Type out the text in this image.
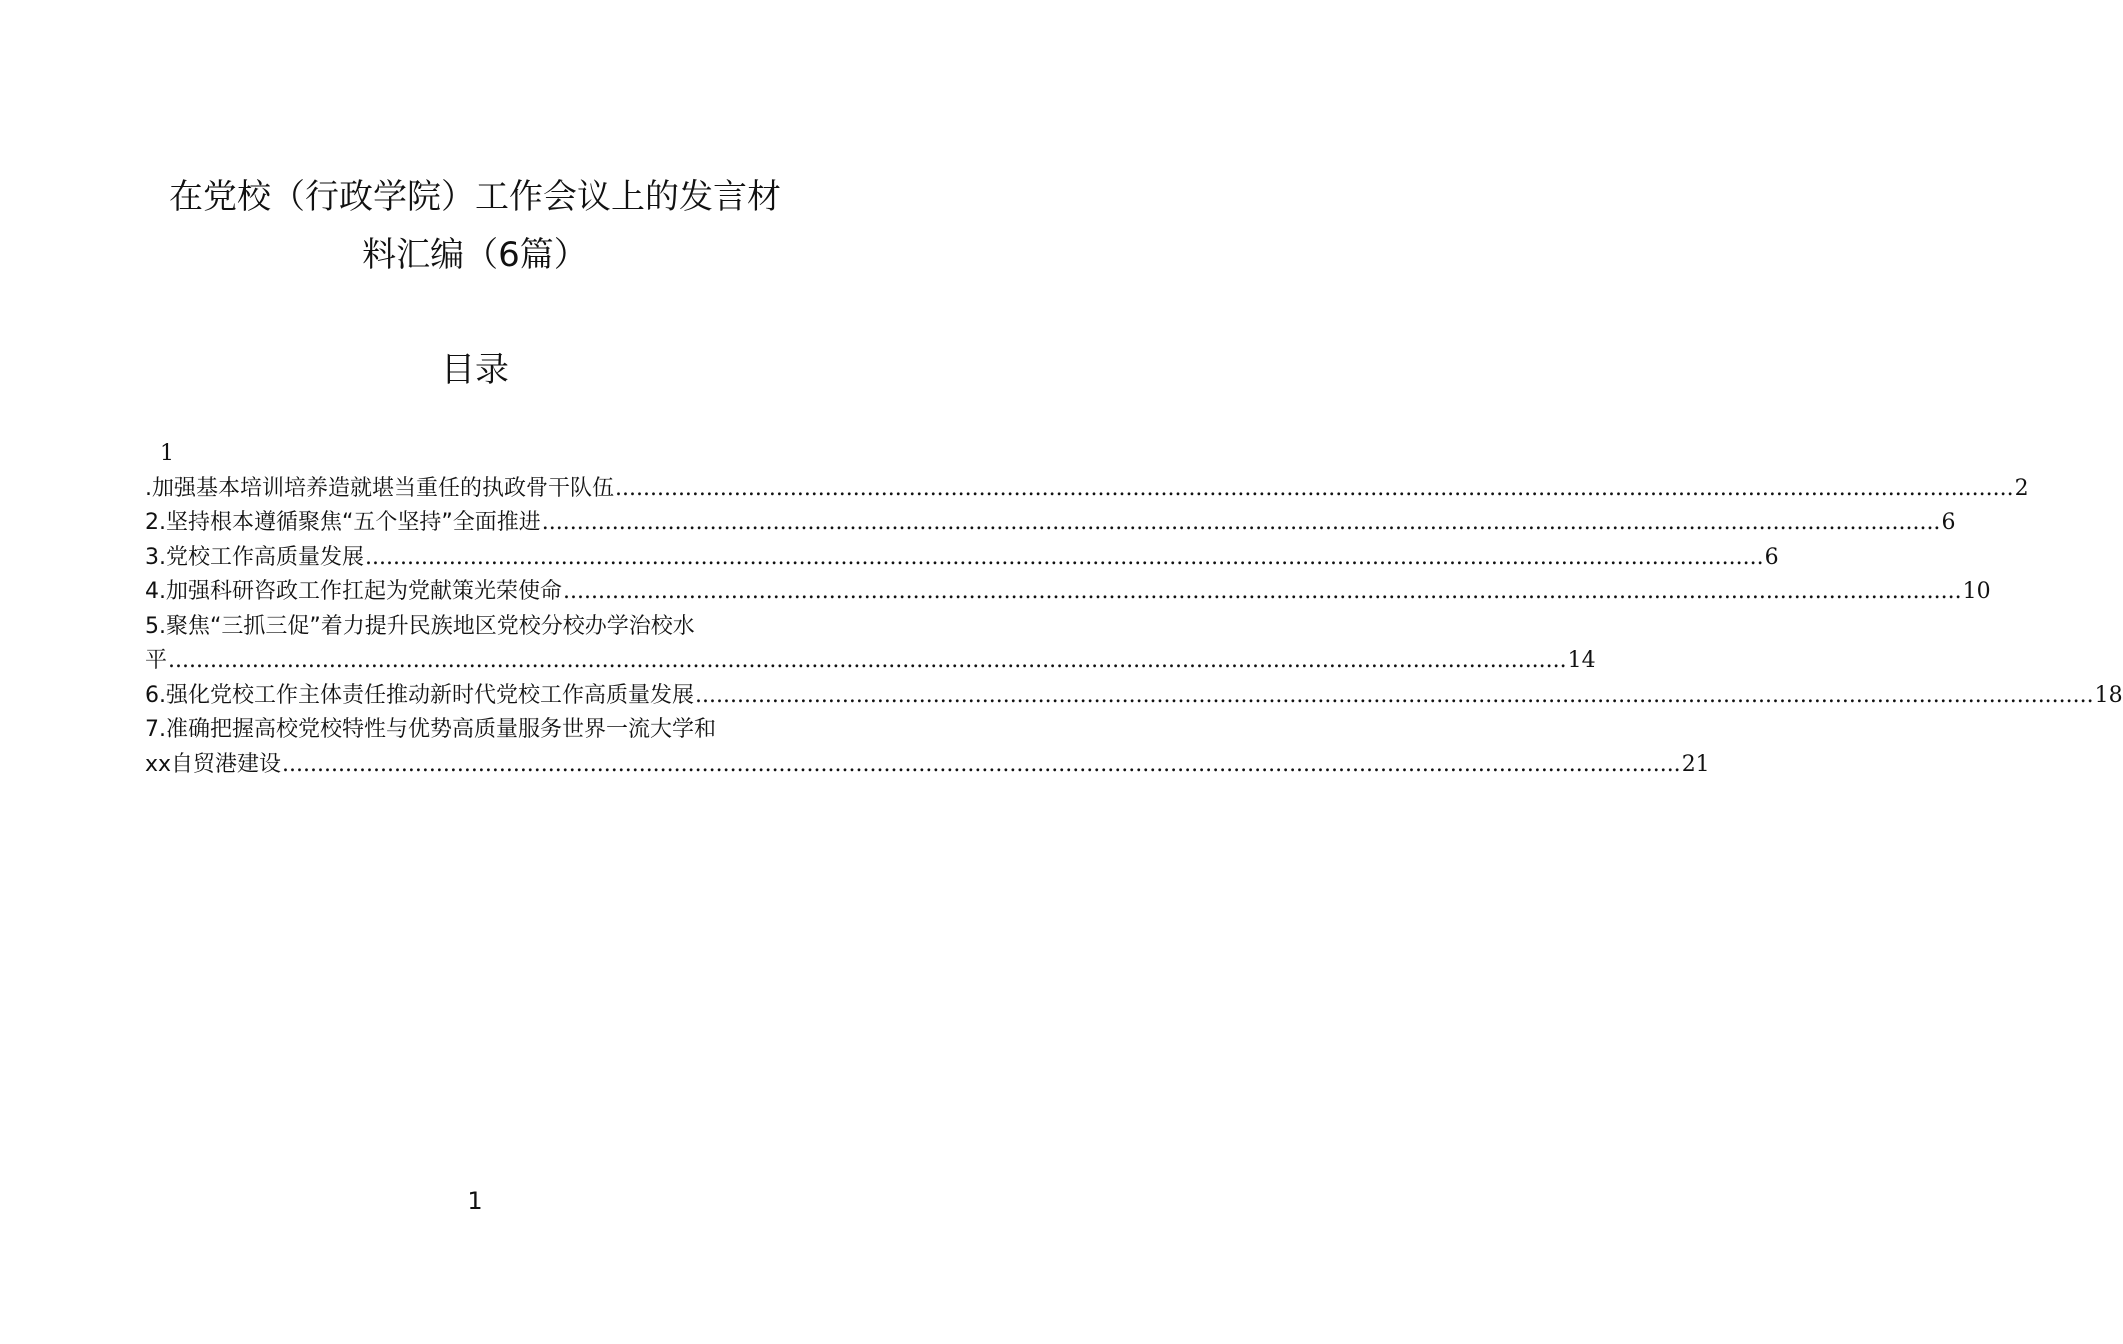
在党校（行政学院）工作会议上的发言材
料汇编（6篇）
目录
1
.加强基本培训培养造就堪当重任的执政骨干队伍 ........................................................................................................................................................................................................ 2
2.坚持根本遵循聚焦“五个坚持”全面推进 ........................................................................................................................................................................................................ 6
3.党校工作高质量发展 ........................................................................................................................................................................................................ 6
4.加强科研咨政工作扛起为党献策光荣使命 ........................................................................................................................................................................................................ 10
5.聚焦“三抓三促”着力提升民族地区党校分校办学治校水
平 ........................................................................................................................................................................................................ 14
6.强化党校工作主体责任推动新时代党校工作高质量发展 ........................................................................................................................................................................................................ 18
7.准确把握高校党校特性与优势高质量服务世界一流大学和
xx自贸港建设 ........................................................................................................................................................................................................ 21
1
